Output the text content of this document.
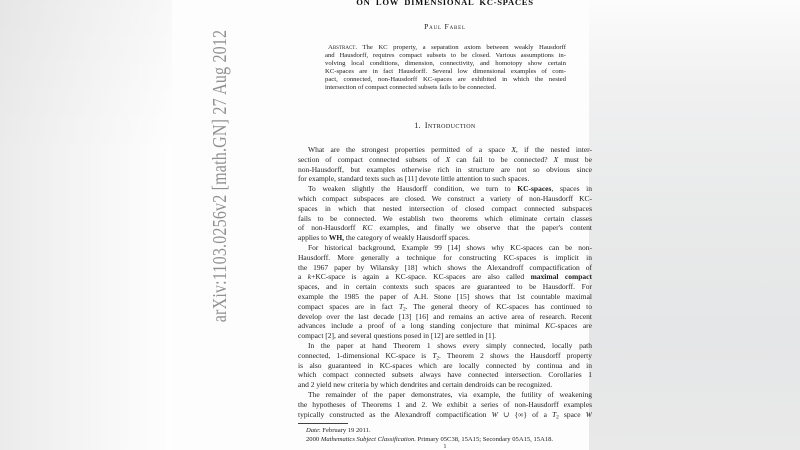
arXiv:1103.0256v2 [math.GN] 27 Aug 2012
ON LOW DIMENSIONAL KC-SPACES
Paul Fabel
Abstract. The KC property, a separation axiom between weakly Hausdorff
and Hausdorff, requires compact subsets to be closed. Various assumptions in-
volving local conditions, dimension, connectivity, and homotopy show certain
KC-spaces are in fact Hausdorff. Several low dimensional examples of com-
pact, connected, non-Hausdorff KC-spaces are exhibited in which the nested
intersection of compact connected subsets fails to be connected.
1. Introduction
What are the strongest properties permitted of a space X, if the nested inter-
section of compact connected subsets of X can fail to be connected? X must be
non-Hausdorff, but examples otherwise rich in structure are not so obvious since
for example, standard texts such as [11] devote little attention to such spaces.
To weaken slightly the Hausdorff condition, we turn to KC-spaces, spaces in
which compact subspaces are closed. We construct a variety of non-Hausdorff KC-
spaces in which that nested intersection of closed compact connected subspaces
fails to be connected. We establish two theorems which eliminate certain classes
of non-Hausdorff KC examples, and finally we observe that the paper's content
applies to WH, the category of weakly Hausdorff spaces.
For historical background, Example 99 [14] shows why KC-spaces can be non-
Hausdorff. More generally a technique for constructing KC-spaces is implicit in
the 1967 paper by Wilansky [18] which shows the Alexandroff compactification of
a k+KC-space is again a KC-space. KC-spaces are also called maximal compact
spaces, and in certain contexts such spaces are guaranteed to be Hausdorff. For
example the 1985 the paper of A.H. Stone [15] shows that 1st countable maximal
compact spaces are in fact $T_2$. The general theory of KC-spaces has continued to
develop over the last decade [13] [16] and remains an active area of research. Recent
advances include a proof of a long standing conjecture that minimal KC-spaces are
compact [2], and several questions posed in [12] are settled in [1].
In the paper at hand Theorem 1 shows every simply connected, locally path
connected, 1-dimensional KC-space is $T_2$. Theorem 2 shows the Hausdorff property
is also guaranteed in KC-spaces which are locally connected by continua and in
which compact connected subsets always have connected intersection. Corollaries 1
and 2 yield new criteria by which dendrites and certain dendroids can be recognized.
The remainder of the paper demonstrates, via example, the futility of weakening
the hypotheses of Theorems 1 and 2. We exhibit a series of non-Hausdorff examples
typically constructed as the Alexandroff compactification W ∪ {∞} of a $T_2$ space W
Date: February 19 2011.
2000 Mathematics Subject Classification. Primary 05C38, 15A15; Secondary 05A15, 15A18.
1
